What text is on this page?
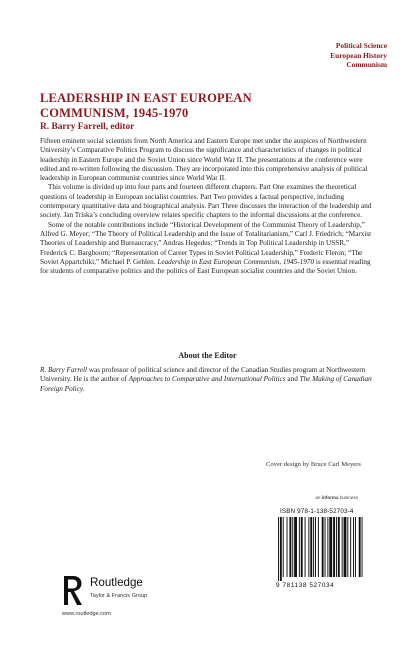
Political Science
European History
Communism
LEADERSHIP IN EAST EUROPEAN
COMMUNISM, 1945-1970
R. Barry Farrell, editor

Fifteen eminent social scientists from North America and Eastern Europe met under the auspices of Northwestern University’s Comparative Politics Program to discuss the significance and characteristics of changes in political leadership in Eastern Europe and the Soviet Union since World War II. The presentations at the conference were edited and re-written following the discussion. They are incorporated into this comprehensive analysis of political leadership in European communist countries since World War II.

This volume is divided up into four parts and fourteen different chapters. Part One examines the theoretical questions of leadership in European socialist countries. Part Two provides a factual perspective, including contemporary quantitative data and biographical analysis. Part Three discusses the interaction of the leadership and society. Jan Triska’s concluding overview relates specific chapters to the informal discussions at the conference.

Some of the notable contributions include “Historical Development of the Communist Theory of Leadership,” Alfred G. Meyer; “The Theory of Political Leadership and the Issue of Totalitarianism,” Carl J. Friedrich; “Marxist Theories of Leadership and Bureaucracy,” Andras Hegedus; “Trends in Top Political Leadership in USSR,” Frederick C. Barghoorn; “Representation of Career Types in Soviet Political Leadership,” Frederic Fleron; “The Soviet Appartchiki,” Michael P. Gehlen. Leadership in East European Communism, 1945-1970 is essential reading for students of comparative politics and the politics of East European socialist countries and the Soviet Union.

About the Editor
R. Barry Farrell was professor of political science and director of the Canadian Studies program at Northwestern University. He is the author of Approaches to Comparative and International Politics and The Making of Canadian Foreign Policy.
Cover design by Bruce Carl Meyers
an informa business
ISBN 978-1-138-52703-4
9 781138 527034
Routledge
Taylor & Francis Group
www.routledge.com
